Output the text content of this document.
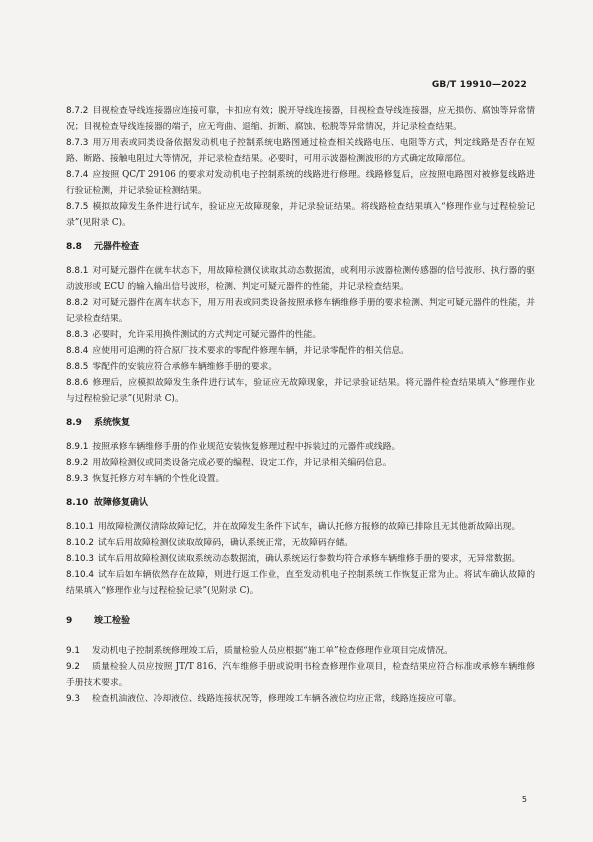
GB/T 19910—2022

8.7.2 目视检查导线连接器应连接可靠，卡扣应有效；脱开导线连接器，目视检查导线连接器，应无损伤、腐蚀等异常情况；目视检查导线连接器的端子，应无弯曲、退缩、折断、腐蚀、松脱等异常情况，并记录检查结果。

8.7.3 用万用表或同类设备依据发动机电子控制系统电路图通过检查相关线路电压、电阻等方式，判定线路是否存在短路、断路、接触电阻过大等情况，并记录检查结果。必要时，可用示波器检测波形的方式确定故障部位。

8.7.4 应按照 QC/T 29106 的要求对发动机电子控制系统的线路进行修理。线路修复后，应按照电路图对被修复线路进行验证检测，并记录验证检测结果。

8.7.5 模拟故障发生条件进行试车，验证应无故障现象，并记录验证结果。将线路检查结果填入“修理作业与过程检验记录”(见附录 C)。

8.8 元器件检查

8.8.1 对可疑元器件在就车状态下，用故障检测仪读取其动态数据流，或利用示波器检测传感器的信号波形、执行器的驱动波形或 ECU 的输入输出信号波形，检测、判定可疑元器件的性能，并记录检查结果。

8.8.2 对可疑元器件在离车状态下，用万用表或同类设备按照承修车辆维修手册的要求检测、判定可疑元器件的性能，并记录检查结果。

8.8.3 必要时，允许采用换件测试的方式判定可疑元器件的性能。

8.8.4 应使用可追溯的符合原厂技术要求的零配件修理车辆，并记录零配件的相关信息。

8.8.5 零配件的安装应符合承修车辆维修手册的要求。

8.8.6 修理后，应模拟故障发生条件进行试车，验证应无故障现象，并记录验证结果。将元器件检查结果填入“修理作业与过程检验记录”(见附录 C)。

8.9 系统恢复

8.9.1 按照承修车辆维修手册的作业规范安装恢复修理过程中拆装过的元器件或线路。

8.9.2 用故障检测仪或同类设备完成必要的编程、设定工作，并记录相关编码信息。

8.9.3 恢复托修方对车辆的个性化设置。

8.10 故障修复确认

8.10.1 用故障检测仪清除故障记忆，并在故障发生条件下试车，确认托修方报修的故障已排除且无其他新故障出现。

8.10.2 试车后用故障检测仪读取故障码，确认系统正常，无故障码存储。

8.10.3 试车后用故障检测仪读取系统动态数据流，确认系统运行参数均符合承修车辆维修手册的要求，无异常数据。

8.10.4 试车后如车辆依然存在故障，则进行返工作业，直至发动机电子控制系统工作恢复正常为止。将试车确认故障的结果填入“修理作业与过程检验记录”(见附录 C)。

9 竣工检验

9.1 发动机电子控制系统修理竣工后，质量检验人员应根据“施工单”检查修理作业项目完成情况。

9.2 质量检验人员应按照 JT/T 816、汽车维修手册或说明书检查修理作业项目，检查结果应符合标准或承修车辆维修手册技术要求。

9.3 检查机油液位、冷却液位、线路连接状况等，修理竣工车辆各液位均应正常，线路连接应可靠。

5
